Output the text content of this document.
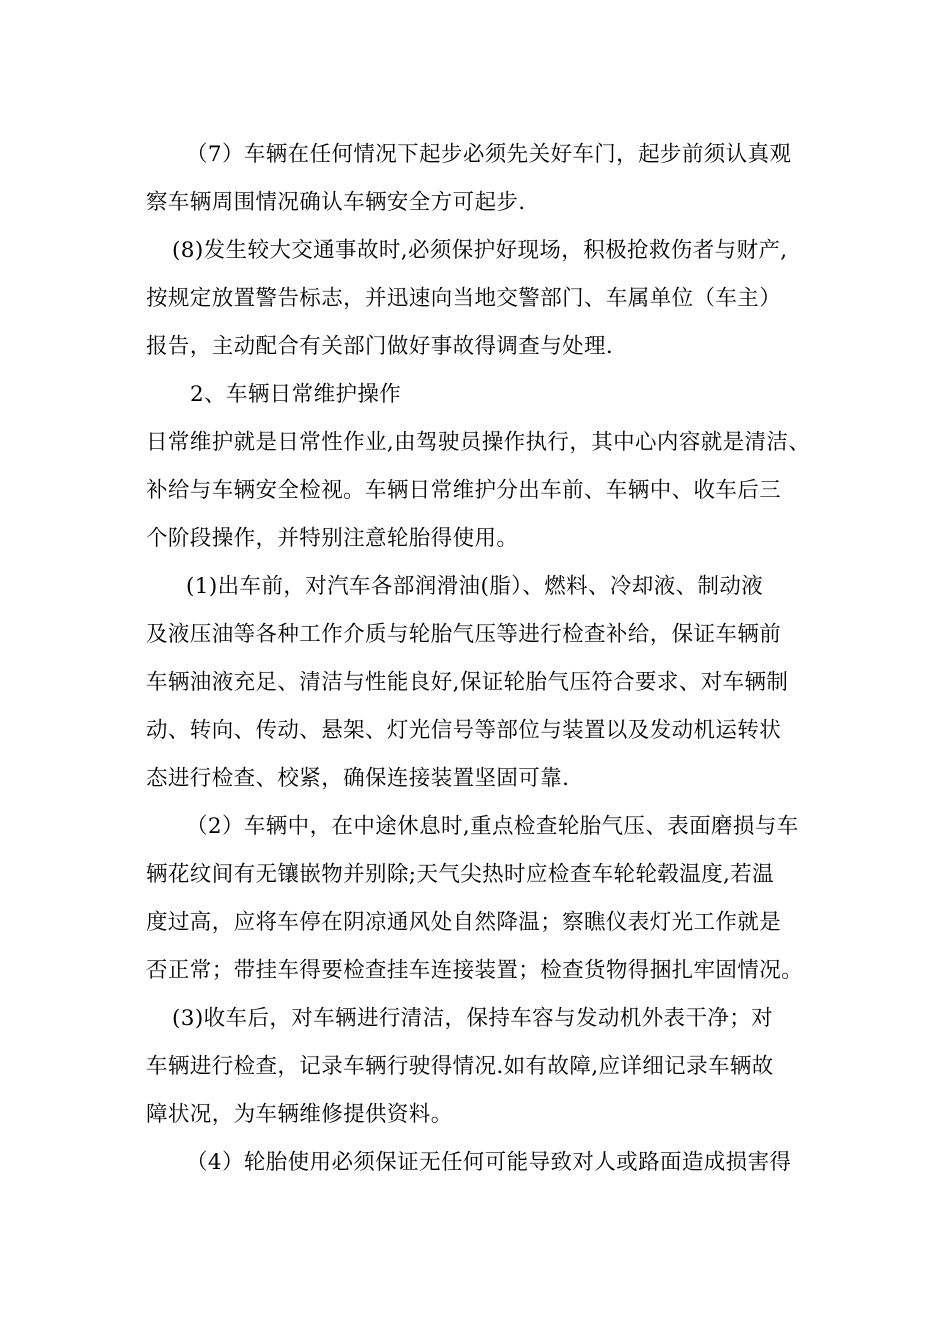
（7）车辆在任何情况下起步必须先关好车门，起步前须认真观
察车辆周围情况确认车辆安全方可起步.
(8)发生较大交通事故时,必须保护好现场，积极抢救伤者与财产,
按规定放置警告标志，并迅速向当地交警部门、车属单位（车主）
报告，主动配合有关部门做好事故得调查与处理.
2、车辆日常维护操作
日常维护就是日常性作业,由驾驶员操作执行，其中心内容就是清洁、
补给与车辆安全检视。车辆日常维护分出车前、车辆中、收车后三
个阶段操作，并特别注意轮胎得使用。
(1)出车前，对汽车各部润滑油(脂）、燃料、冷却液、制动液
及液压油等各种工作介质与轮胎气压等进行检查补给，保证车辆前
车辆油液充足、清洁与性能良好,保证轮胎气压符合要求、对车辆制
动、转向、传动、悬架、灯光信号等部位与装置以及发动机运转状
态进行检查、校紧，确保连接装置坚固可靠.
（2）车辆中，在中途休息时,重点检查轮胎气压、表面磨损与车
辆花纹间有无镶嵌物并别除;天气尖热时应检查车轮轮毂温度,若温
度过高，应将车停在阴凉通风处自然降温；察瞧仪表灯光工作就是
否正常；带挂车得要检查挂车连接装置；检查货物得捆扎牢固情况。
(3)收车后，对车辆进行清洁，保持车容与发动机外表干净；对
车辆进行检查，记录车辆行驶得情况.如有故障,应详细记录车辆故
障状况，为车辆维修提供资料。
（4）轮胎使用必须保证无任何可能导致对人或路面造成损害得
